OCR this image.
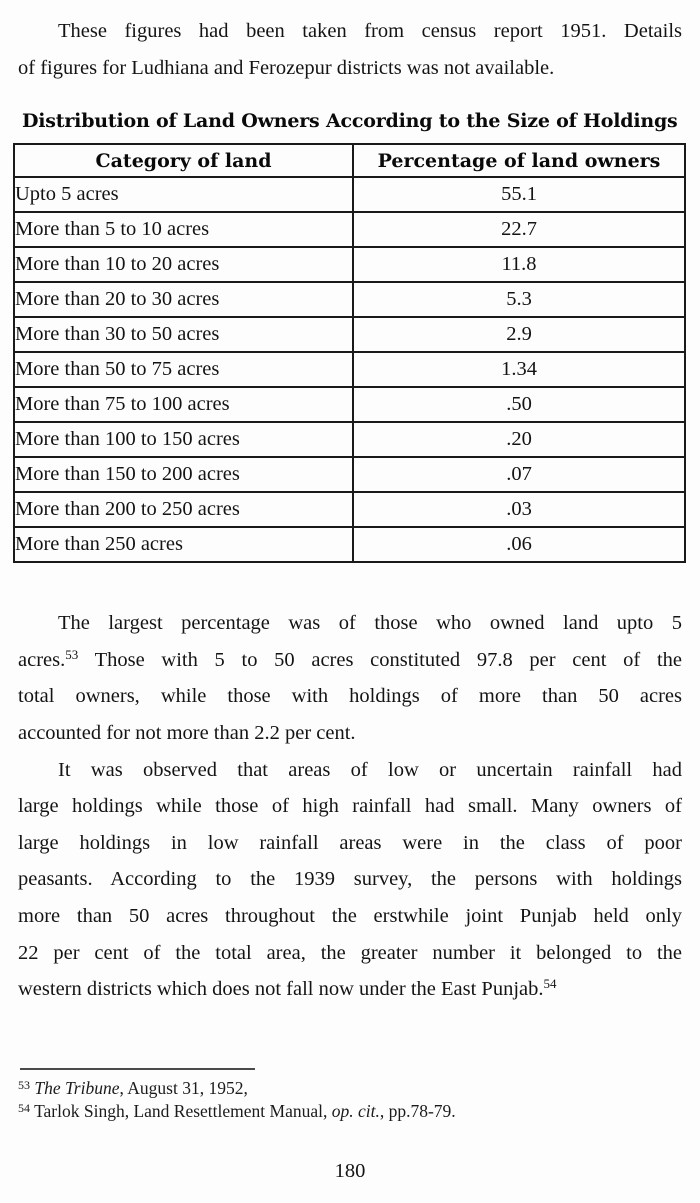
These figures had been taken from census report 1951. Details
of figures for Ludhiana and Ferozepur districts was not available.
Distribution of Land Owners According to the Size of Holdings
Category of land	Percentage of land owners
Upto 5 acres	55.1
More than 5 to 10 acres	22.7
More than 10 to 20 acres	11.8
More than 20 to 30 acres	5.3
More than 30 to 50 acres	2.9
More than 50 to 75 acres	1.34
More than 75 to 100 acres	.50
More than 100 to 150 acres	.20
More than 150 to 200 acres	.07
More than 200 to 250 acres	.03
More than 250 acres	.06
The largest percentage was of those who owned land upto 5
acres.$^{53}$ Those with 5 to 50 acres constituted 97.8 per cent of the
total owners, while those with holdings of more than 50 acres
accounted for not more than 2.2 per cent.
It was observed that areas of low or uncertain rainfall had
large holdings while those of high rainfall had small. Many owners of
large holdings in low rainfall areas were in the class of poor
peasants. According to the 1939 survey, the persons with holdings
more than 50 acres throughout the erstwhile joint Punjab held only
22 per cent of the total area, the greater number it belonged to the
western districts which does not fall now under the East Punjab.$^{54}$
$^{53}$ The Tribune, August 31, 1952,
$^{54}$ Tarlok Singh, Land Resettlement Manual, op. cit., pp.78-79.
180
